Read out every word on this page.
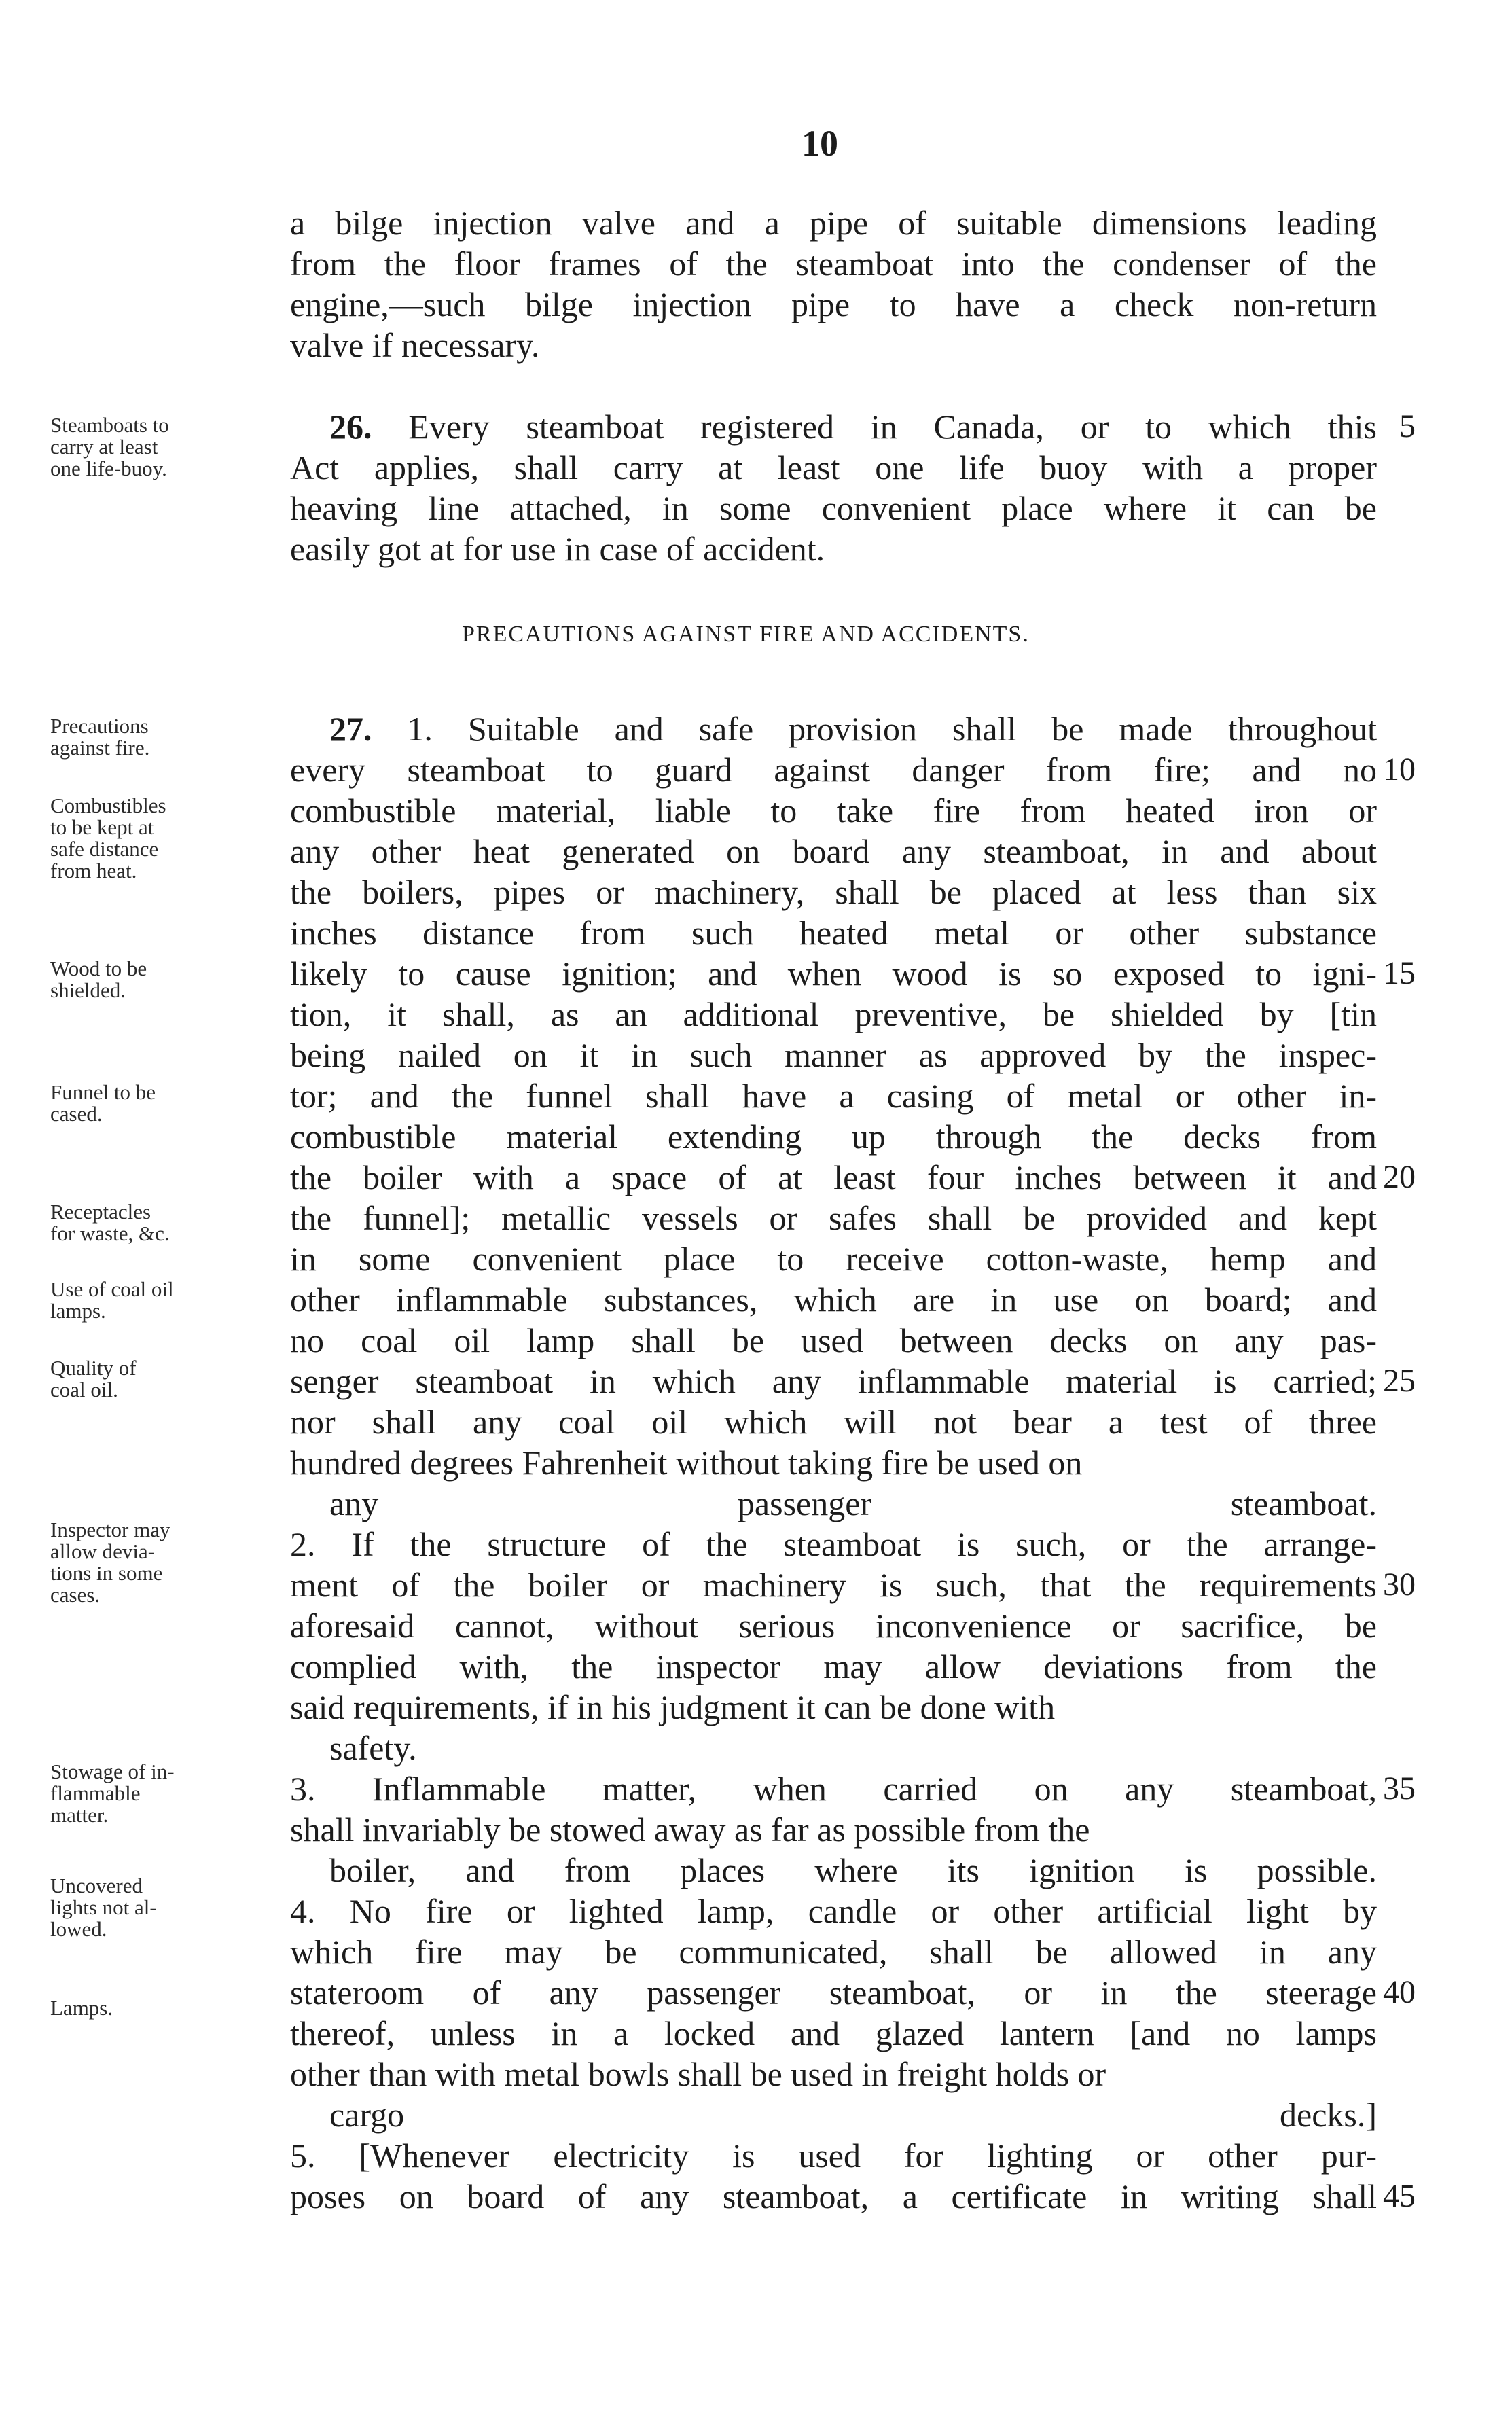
10
a bilge injection valve and a pipe of suitable dimensions leading
from the floor frames of the steamboat into the condenser of the
engine,—such bilge injection pipe to have a check non-return
valve if necessary.
26. Every steamboat registered in Canada, or to which this
Act applies, shall carry at least one life buoy with a proper
heaving line attached, in some convenient place where it can be
easily got at for use in case of accident.
PRECAUTIONS AGAINST FIRE AND ACCIDENTS.
27. 1. Suitable and safe provision shall be made throughout
every steamboat to guard against danger from fire; and no
combustible material, liable to take fire from heated iron or
any other heat generated on board any steamboat, in and about
the boilers, pipes or machinery, shall be placed at less than six
inches distance from such heated metal or other substance
likely to cause ignition; and when wood is so exposed to igni-
tion, it shall, as an additional preventive, be shielded by [tin
being nailed on it in such manner as approved by the inspec-
tor; and the funnel shall have a casing of metal or other in-
combustible material extending up through the decks from
the boiler with a space of at least four inches between it and
the funnel]; metallic vessels or safes shall be provided and kept
in some convenient place to receive cotton-waste, hemp and
other inflammable substances, which are in use on board; and
no coal oil lamp shall be used between decks on any pas-
senger steamboat in which any inflammable material is carried;
nor shall any coal oil which will not bear a test of three
hundred degrees Fahrenheit without taking fire be used on
any passenger steamboat.
2. If the structure of the steamboat is such, or the arrange-
ment of the boiler or machinery is such, that the requirements
aforesaid cannot, without serious inconvenience or sacrifice, be
complied with, the inspector may allow deviations from the
said requirements, if in his judgment it can be done with
safety.
3. Inflammable matter, when carried on any steamboat,
shall invariably be stowed away as far as possible from the
boiler, and from places where its ignition is possible.
4. No fire or lighted lamp, candle or other artificial light by
which fire may be communicated, shall be allowed in any
stateroom of any passenger steamboat, or in the steerage
thereof, unless in a locked and glazed lantern [and no lamps
other than with metal bowls shall be used in freight holds or
cargo decks.]
5. [Whenever electricity is used for lighting or other pur-
poses on board of any steamboat, a certificate in writing shall
Steamboats to
carry at least
one life-buoy.
Precautions
against fire.
Combustibles
to be kept at
safe distance
from heat.
Wood to be
shielded.
Funnel to be
cased.
Receptacles
for waste, &c.
Use of coal oil
lamps.
Quality of
coal oil.
Inspector may
allow devia-
tions in some
cases.
Stowage of in-
flammable
matter.
Uncovered
lights not al-
lowed.
Lamps.
5
10
15
20
25
30
35
40
45
